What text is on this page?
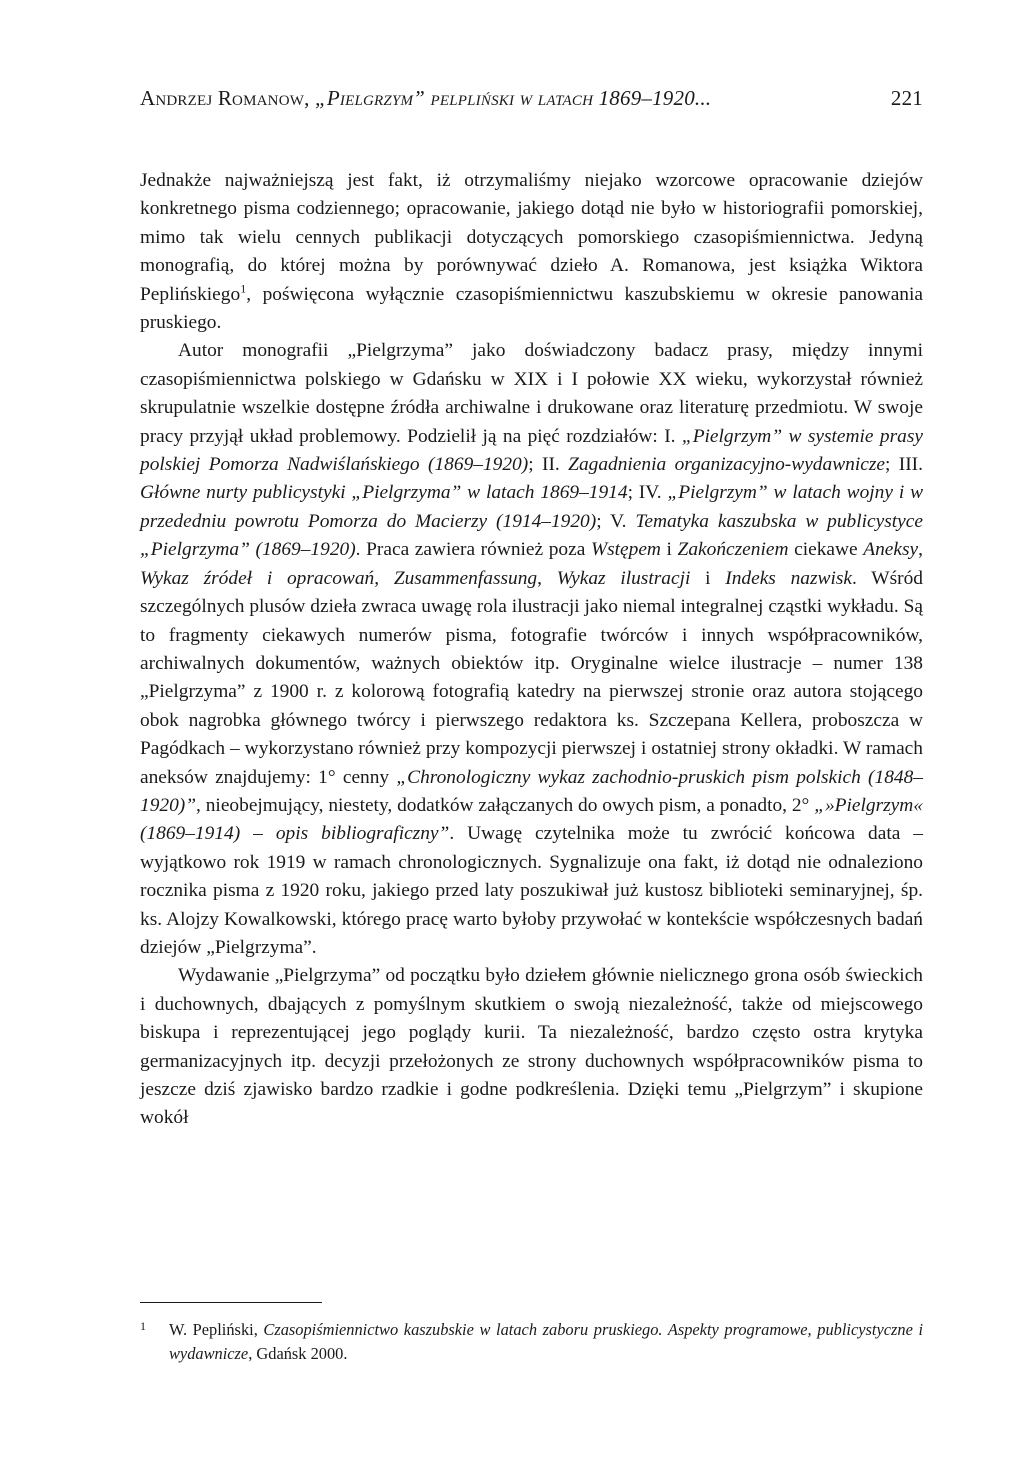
Andrzej Romanow, „Pielgrzym” pelpliński w latach 1869–1920...	221

Jednakże najważniejszą jest fakt, iż otrzymaliśmy niejako wzorcowe opracowanie dziejów konkretnego pisma codziennego; opracowanie, jakiego dotąd nie było w historiografii pomorskiej, mimo tak wielu cennych publikacji dotyczących pomorskiego czasopiśmiennictwa. Jedyną monografią, do której można by porównywać dzieło A. Romanowa, jest książka Wiktora Peplińskiego$^1$, poświęcona wyłącznie czasopiśmiennictwu kaszubskiemu w okresie panowania pruskiego.

Autor monografii „Pielgrzyma” jako doświadczony badacz prasy, między innymi czasopiśmiennictwa polskiego w Gdańsku w XIX i I połowie XX wieku, wykorzystał również skrupulatnie wszelkie dostępne źródła archiwalne i drukowane oraz literaturę przedmiotu. W swoje pracy przyjął układ problemowy. Podzielił ją na pięć rozdziałów: I. „Pielgrzym” w systemie prasy polskiej Pomorza Nadwiślańskiego (1869–1920); II. Zagadnienia organizacyjno-wydawnicze; III. Główne nurty publicystyki „Pielgrzyma” w latach 1869–1914; IV. „Pielgrzym” w latach wojny i w przededniu powrotu Pomorza do Macierzy (1914–1920); V. Tematyka kaszubska w publicystyce „Pielgrzyma” (1869–1920). Praca zawiera również poza Wstępem i Zakończeniem ciekawe Aneksy, Wykaz źródeł i opracowań, Zusammenfassung, Wykaz ilustracji i Indeks nazwisk. Wśród szczególnych plusów dzieła zwraca uwagę rola ilustracji jako niemal integralnej cząstki wykładu. Są to fragmenty ciekawych numerów pisma, fotografie twórców i innych współpracowników, archiwalnych dokumentów, ważnych obiektów itp. Oryginalne wielce ilustracje – numer 138 „Pielgrzyma” z 1900 r. z kolorową fotografią katedry na pierwszej stronie oraz autora stojącego obok nagrobka głównego twórcy i pierwszego redaktora ks. Szczepana Kellera, proboszcza w Pagódkach – wykorzystano również przy kompozycji pierwszej i ostatniej strony okładki. W ramach aneksów znajdujemy: 1° cenny „Chronologiczny wykaz zachodnio-pruskich pism polskich (1848–1920)”, nieobejmujący, niestety, dodatków załączanych do owych pism, a ponadto, 2° „»Pielgrzym« (1869–1914) – opis bibliograficzny”. Uwagę czytelnika może tu zwrócić końcowa data – wyjątkowo rok 1919 w ramach chronologicznych. Sygnalizuje ona fakt, iż dotąd nie odnaleziono rocznika pisma z 1920 roku, jakiego przed laty poszukiwał już kustosz biblioteki seminaryjnej, śp. ks. Alojzy Kowalkowski, którego pracę warto byłoby przywołać w kontekście współczesnych badań dziejów „Pielgrzyma”.

Wydawanie „Pielgrzyma” od początku było dziełem głównie nielicznego grona osób świeckich i duchownych, dbających z pomyślnym skutkiem o swoją niezależność, także od miejscowego biskupa i reprezentującej jego poglądy kurii. Ta niezależność, bardzo często ostra krytyka germanizacyjnych itp. decyzji przełożonych ze strony duchownych współpracowników pisma to jeszcze dziś zjawisko bardzo rzadkie i godne podkreślenia. Dzięki temu „Pielgrzym” i skupione wokół

1	W. Pepliński, Czasopiśmiennictwo kaszubskie w latach zaboru pruskiego. Aspekty programowe, publicystyczne i wydawnicze, Gdańsk 2000.
